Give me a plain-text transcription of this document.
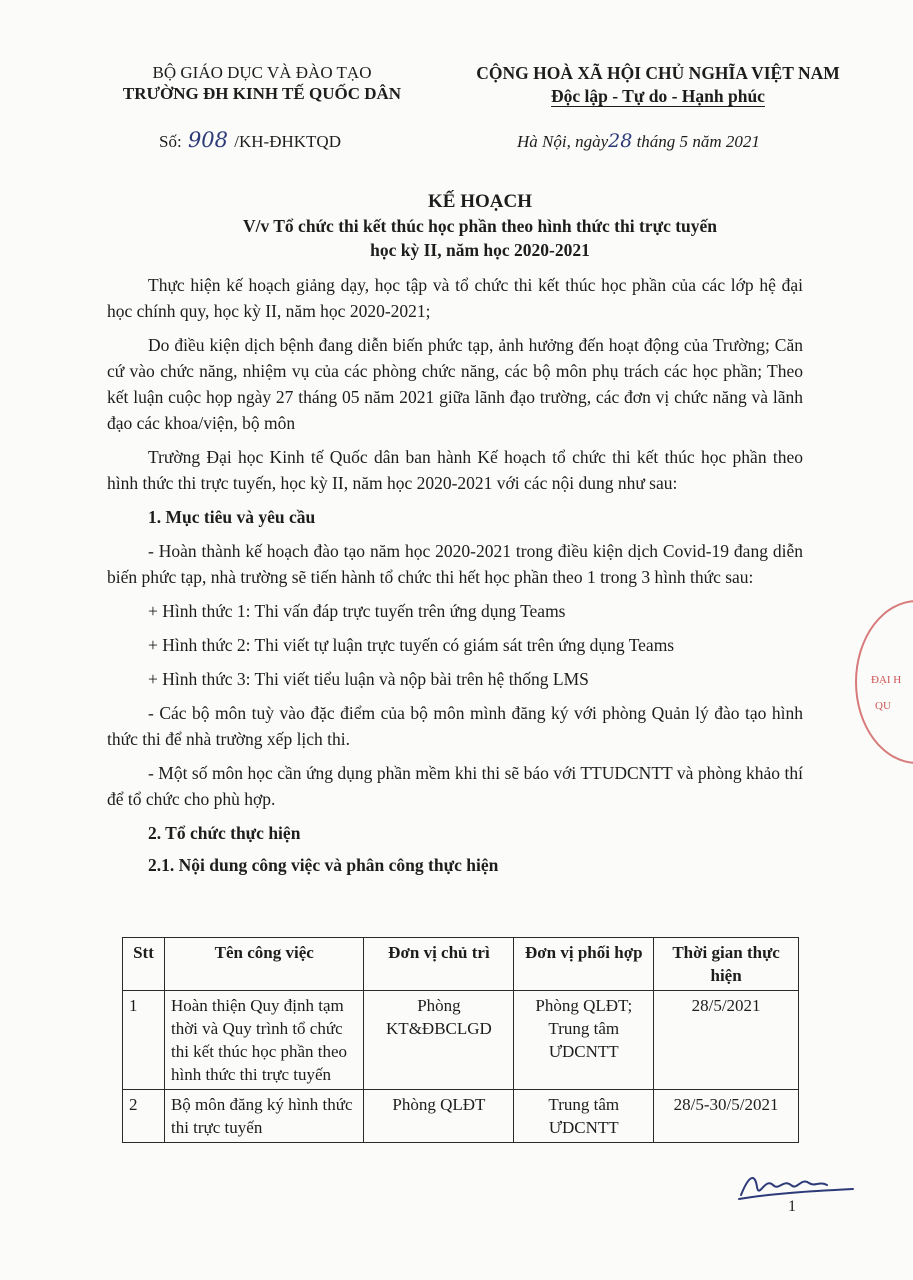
BỘ GIÁO DỤC VÀ ĐÀO TẠO
TRƯỜNG ĐH KINH TẾ QUỐC DÂN
CỘNG HOÀ XÃ HỘI CHỦ NGHĨA VIỆT NAM
Độc lập - Tự do - Hạnh phúc
Số: 908 /KH-ĐHKTQD	Hà Nội, ngày28 tháng 5 năm 2021
KẾ HOẠCH
V/v Tổ chức thi kết thúc học phần theo hình thức thi trực tuyến
học kỳ II, năm học 2020-2021

Thực hiện kế hoạch giảng dạy, học tập và tổ chức thi kết thúc học phần của các lớp hệ đại học chính quy, học kỳ II, năm học 2020-2021;

Do điều kiện dịch bệnh đang diễn biến phức tạp, ảnh hưởng đến hoạt động của Trường; Căn cứ vào chức năng, nhiệm vụ của các phòng chức năng, các bộ môn phụ trách các học phần; Theo kết luận cuộc họp ngày 27 tháng 05 năm 2021 giữa lãnh đạo trường, các đơn vị chức năng và lãnh đạo các khoa/viện, bộ môn

Trường Đại học Kinh tế Quốc dân ban hành Kế hoạch tổ chức thi kết thúc học phần theo hình thức thi trực tuyến, học kỳ II, năm học 2020-2021 với các nội dung như sau:

1. Mục tiêu và yêu cầu

- Hoàn thành kế hoạch đào tạo năm học 2020-2021 trong điều kiện dịch Covid-19 đang diễn biến phức tạp, nhà trường sẽ tiến hành tổ chức thi hết học phần theo 1 trong 3 hình thức sau:

+ Hình thức 1: Thi vấn đáp trực tuyến trên ứng dụng Teams

+ Hình thức 2: Thi viết tự luận trực tuyến có giám sát trên ứng dụng Teams

+ Hình thức 3: Thi viết tiểu luận và nộp bài trên hệ thống LMS

- Các bộ môn tuỳ vào đặc điểm của bộ môn mình đăng ký với phòng Quản lý đào tạo hình thức thi để nhà trường xếp lịch thi.

- Một số môn học cần ứng dụng phần mềm khi thi sẽ báo với TTUDCNTT và phòng khảo thí để tổ chức cho phù hợp.

2. Tổ chức thực hiện
2.1. Nội dung công việc và phân công thực hiện
Stt	Tên công việc	Đơn vị chủ trì	Đơn vị phối hợp	Thời gian thực hiện
1	Hoàn thiện Quy định tạm thời và Quy trình tổ chức thi kết thúc học phần theo hình thức thi trực tuyến	Phòng KT&ĐBCLGD	Phòng QLĐT; Trung tâm ƯDCNTT	28/5/2021
2	Bộ môn đăng ký hình thức thi trực tuyến	Phòng QLĐT	Trung tâm ƯDCNTT	28/5-30/5/2021
ĐẠI H
QU
1
